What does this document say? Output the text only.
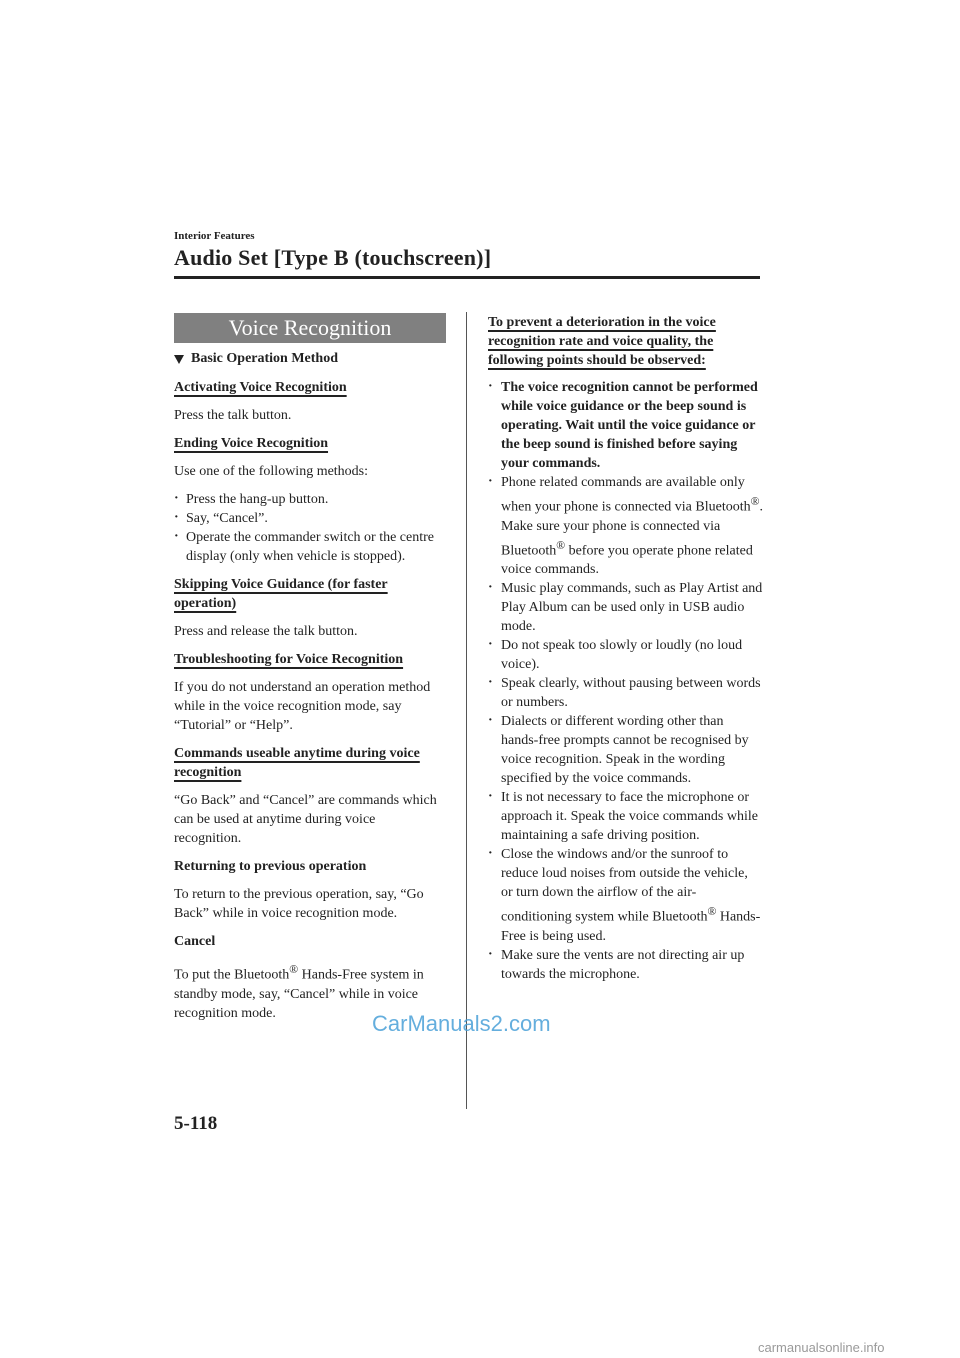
Interior Features
Audio Set [Type B (touchscreen)]
Voice Recognition
Basic Operation Method
Activating Voice Recognition
Press the talk button.
Ending Voice Recognition
Use one of the following methods:
· Press the hang-up button.
· Say, “Cancel”.
· Operate the commander switch or the centre display (only when vehicle is stopped).
Skipping Voice Guidance (for faster operation)
Press and release the talk button.
Troubleshooting for Voice Recognition
If you do not understand an operation method while in the voice recognition mode, say “Tutorial” or “Help”.
Commands useable anytime during voice recognition
“Go Back” and “Cancel” are commands which can be used at anytime during voice recognition.
Returning to previous operation
To return to the previous operation, say, “Go Back” while in voice recognition mode.
Cancel
To put the Bluetooth® Hands-Free system in standby mode, say, “Cancel” while in voice recognition mode.
To prevent a deterioration in the voice recognition rate and voice quality, the following points should be observed:
· The voice recognition cannot be performed while voice guidance or the beep sound is operating. Wait until the voice guidance or the beep sound is finished before saying your commands.
· Phone related commands are available only when your phone is connected via Bluetooth®. Make sure your phone is connected via Bluetooth® before you operate phone related voice commands.
· Music play commands, such as Play Artist and Play Album can be used only in USB audio mode.
· Do not speak too slowly or loudly (no loud voice).
· Speak clearly, without pausing between words or numbers.
· Dialects or different wording other than hands-free prompts cannot be recognised by voice recognition. Speak in the wording specified by the voice commands.
· It is not necessary to face the microphone or approach it. Speak the voice commands while maintaining a safe driving position.
· Close the windows and/or the sunroof to reduce loud noises from outside the vehicle, or turn down the airflow of the air-conditioning system while Bluetooth® Hands-Free is being used.
· Make sure the vents are not directing air up towards the microphone.
CarManuals2.com
5-118
carmanualsonline.info
